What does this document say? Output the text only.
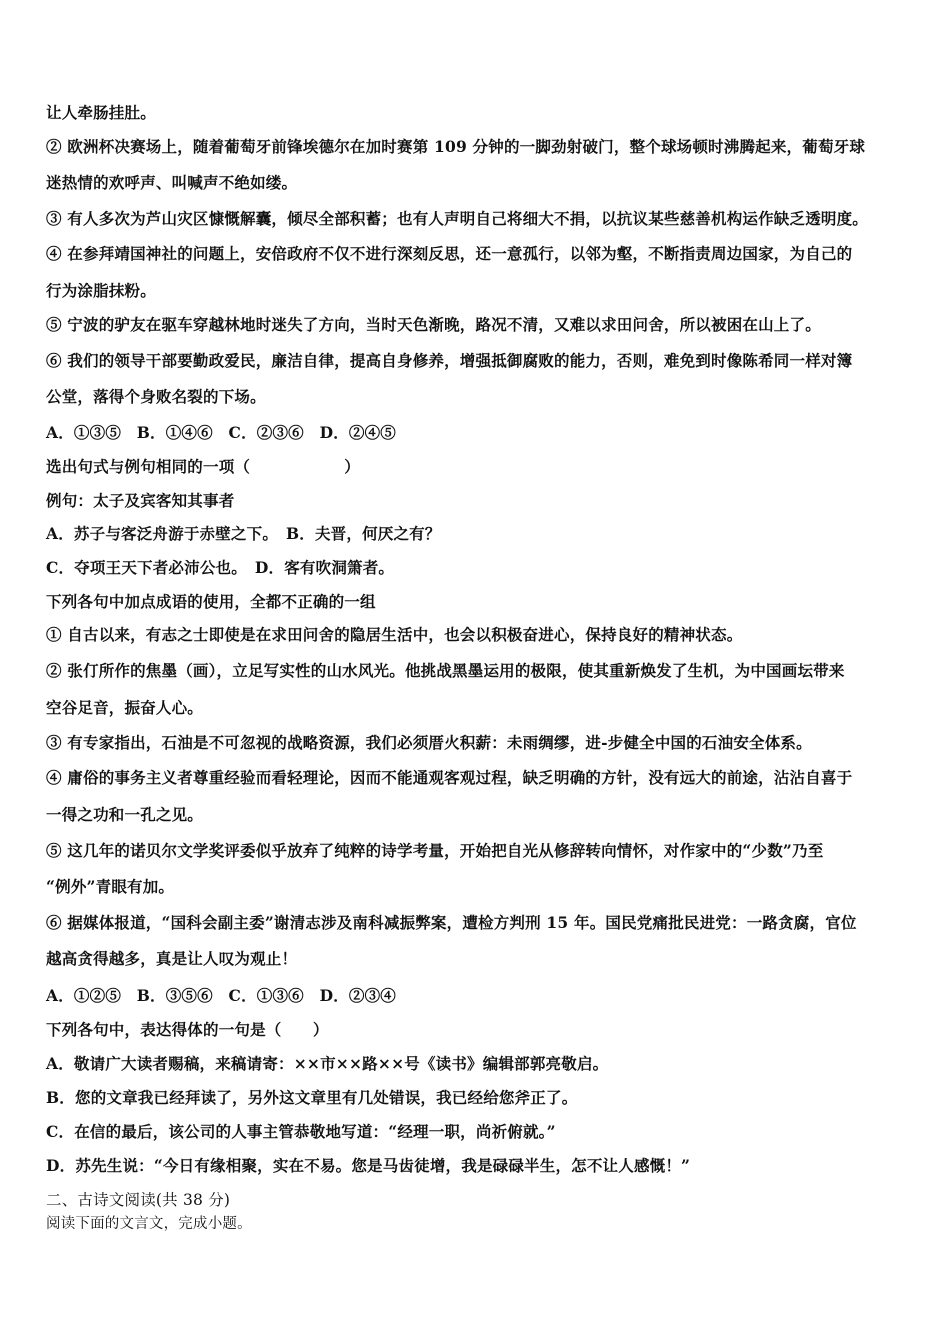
让人牵肠挂肚。
② 欧洲杯决赛场上，随着葡萄牙前锋埃德尔在加时赛第 109 分钟的一脚劲射破门，整个球场顿时沸腾起来，葡萄牙球
迷热情的欢呼声、叫喊声不绝如缕。
③ 有人多次为芦山灾区慷慨解囊，倾尽全部积蓄；也有人声明自己将细大不捐，以抗议某些慈善机构运作缺乏透明度。
④ 在参拜靖国神社的问题上，安倍政府不仅不进行深刻反思，还一意孤行，以邻为壑，不断指责周边国家，为自己的
行为涂脂抹粉。
⑤ 宁波的驴友在驱车穿越林地时迷失了方向，当时天色渐晚，路况不清，又难以求田问舍，所以被困在山上了。
⑥ 我们的领导干部要勤政爱民，廉洁自律，提高自身修养，增强抵御腐败的能力，否则，难免到时像陈希同一样对簿
公堂，落得个身败名裂的下场。
A．①③⑤　B．①④⑥　C．②③⑥　D．②④⑤
选出句式与例句相同的一项（　　　　　　）
例句：太子及宾客知其事者
A．苏子与客泛舟游于赤壁之下。　B．夫晋，何厌之有？
C．夺项王天下者必沛公也。　D．客有吹洞箫者。
下列各句中加点成语的使用，全都不正确的一组
① 自古以来，有志之士即使是在求田问舍的隐居生活中，也会以积极奋进心，保持良好的精神状态。
② 张仃所作的焦墨（画），立足写实性的山水风光。他挑战黑墨运用的极限，使其重新焕发了生机，为中国画坛带来
空谷足音，振奋人心。
③ 有专家指出，石油是不可忽视的战略资源，我们必须厝火积薪：未雨绸缪，进-步健全中国的石油安全体系。
④ 庸俗的事务主义者尊重经验而看轻理论，因而不能通观客观过程，缺乏明确的方针，没有远大的前途，沾沾自喜于
一得之功和一孔之见。
⑤ 这几年的诺贝尔文学奖评委似乎放弃了纯粹的诗学考量，开始把自光从修辞转向情怀，对作家中的“少数”乃至
“例外”青眼有加。
⑥ 据媒体报道，“国科会副主委”谢清志涉及南科减振弊案，遭检方判刑 15 年。国民党痛批民进党：一路贪腐，官位
越高贪得越多，真是让人叹为观止！
A．①②⑤　B．③⑤⑥　C．①③⑥　D．②③④
下列各句中，表达得体的一句是（　　）
A．敬请广大读者赐稿，来稿请寄：××市××路××号《读书》编辑部郭亮敬启。
B．您的文章我已经拜读了，另外这文章里有几处错误，我已经给您斧正了。
C．在信的最后，该公司的人事主管恭敬地写道：“经理一职，尚祈俯就。”
D．苏先生说：“今日有缘相聚，实在不易。您是马齿徒增，我是碌碌半生，怎不让人感慨！”
二、古诗文阅读(共 38 分)
阅读下面的文言文，完成小题。
